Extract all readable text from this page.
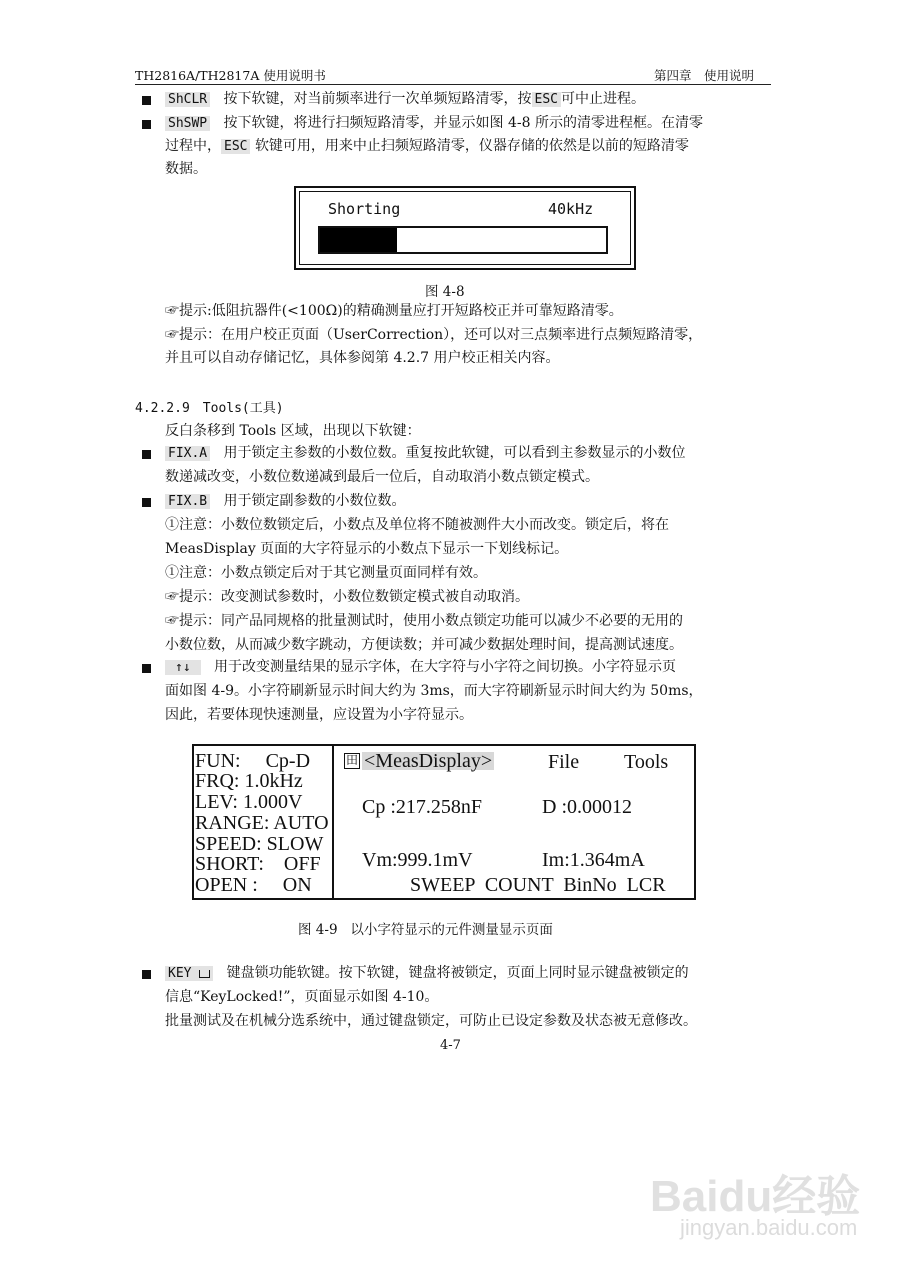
TH2816A/TH2817A 使用说明书	第四章　使用说明
ShCLR 按下软键，对当前频率进行一次单频短路清零，按 ESC 可中止进程。
ShSWP 按下软键，将进行扫频短路清零，并显示如图 4-8 所示的清零进程框。在清零
过程中， ESC 软键可用，用来中止扫频短路清零，仪器存储的依然是以前的短路清零
数据。
Shorting	40kHz
图 4-8
☞提示:低阻抗器件(<100Ω)的精确测量应打开短路校正并可靠短路清零。
☞提示：在用户校正页面（UserCorrection），还可以对三点频率进行点频短路清零，
并且可以自动存储记忆，具体参阅第 4.2.7 用户校正相关内容。
4.2.2.9　Tools(工具)
反白条移到 Tools 区域，出现以下软键：
FIX.A 用于锁定主参数的小数位数。重复按此软键，可以看到主参数显示的小数位
数递减改变，小数位数递减到最后一位后，自动取消小数点锁定模式。
FIX.B 用于锁定副参数的小数位数。
①注意：小数位数锁定后，小数点及单位将不随被测件大小而改变。锁定后，将在
MeasDisplay 页面的大字符显示的小数点下显示一下划线标记。
①注意：小数点锁定后对于其它测量页面同样有效。
☞提示：改变测试参数时，小数位数锁定模式被自动取消。
☞提示：同产品同规格的批量测试时，使用小数点锁定功能可以减少不必要的无用的
小数位数，从而减少数字跳动，方便读数；并可减少数据处理时间，提高测试速度。
↑↓ 用于改变测量结果的显示字体，在大字符与小字符之间切换。小字符显示页
面如图 4-9。小字符刷新显示时间大约为 3ms，而大字符刷新显示时间大约为 50ms，
因此，若要体现快速测量，应设置为小字符显示。
FUN:　 Cp-D
FRQ: 1.0kHz
LEV: 1.000V
RANGE: AUTO
SPEED: SLOW
SHORT:　OFF
OPEN :　 ON
田 <MeasDisplay>	File Tools
Cp :217.258nF	D :0.00012
Vm:999.1mV	Im:1.364mA
SWEEP  COUNT  BinNo  LCR
图 4-9 以小字符显示的元件测量显示页面
KEY	键盘锁功能软键。按下软键，键盘将被锁定，页面上同时显示键盘被锁定的
信息“KeyLocked!”，页面显示如图 4-10。
批量测试及在机械分选系统中，通过键盘锁定，可防止已设定参数及状态被无意修改。
4-7
Baidu经验
jingyan.baidu.com
